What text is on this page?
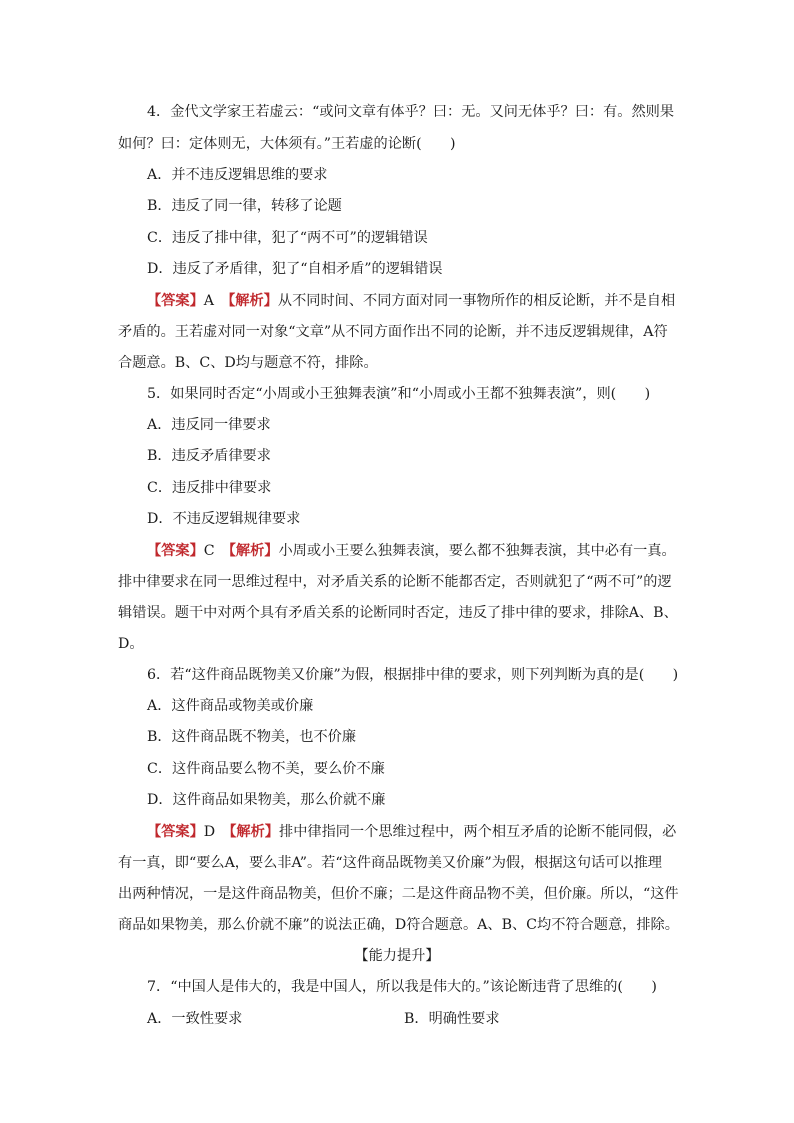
4．金代文学家王若虚云：“或问文章有体乎？曰：无。又问无体乎？曰：有。然则果
如何？曰：定体则无，大体须有。”王若虚的论断(　　)
A．并不违反逻辑思维的要求
B．违反了同一律，转移了论题
C．违反了排中律，犯了“两不可”的逻辑错误
D．违反了矛盾律，犯了“自相矛盾”的逻辑错误
【答案】A　 【解析】从不同时间、不同方面对同一事物所作的相反论断，并不是自相
矛盾的。王若虚对同一对象“文章”从不同方面作出不同的论断，并不违反逻辑规律，A符
合题意。B、C、D均与题意不符，排除。
5．如果同时否定“小周或小王独舞表演”和“小周或小王都不独舞表演”，则(　　)
A．违反同一律要求
B．违反矛盾律要求
C．违反排中律要求
D．不违反逻辑规律要求
【答案】C　 【解析】小周或小王要么独舞表演，要么都不独舞表演，其中必有一真。
排中律要求在同一思维过程中，对矛盾关系的论断不能都否定，否则就犯了“两不可”的逻
辑错误。题干中对两个具有矛盾关系的论断同时否定，违反了排中律的要求，排除A、B、
D。
6．若“这件商品既物美又价廉”为假，根据排中律的要求，则下列判断为真的是(　　)
A．这件商品或物美或价廉
B．这件商品既不物美，也不价廉
C．这件商品要么物不美，要么价不廉
D．这件商品如果物美，那么价就不廉
【答案】D　 【解析】排中律指同一个思维过程中，两个相互矛盾的论断不能同假，必
有一真，即“要么A，要么非A”。若“这件商品既物美又价廉”为假，根据这句话可以推理
出两种情况，一是这件商品物美，但价不廉；二是这件商品物不美，但价廉。所以，“这件
商品如果物美，那么价就不廉”的说法正确，D符合题意。A、B、C均不符合题意，排除。
【能力提升】
7．“中国人是伟大的，我是中国人，所以我是伟大的。”该论断违背了思维的(　　)
A．一致性要求	B．明确性要求
